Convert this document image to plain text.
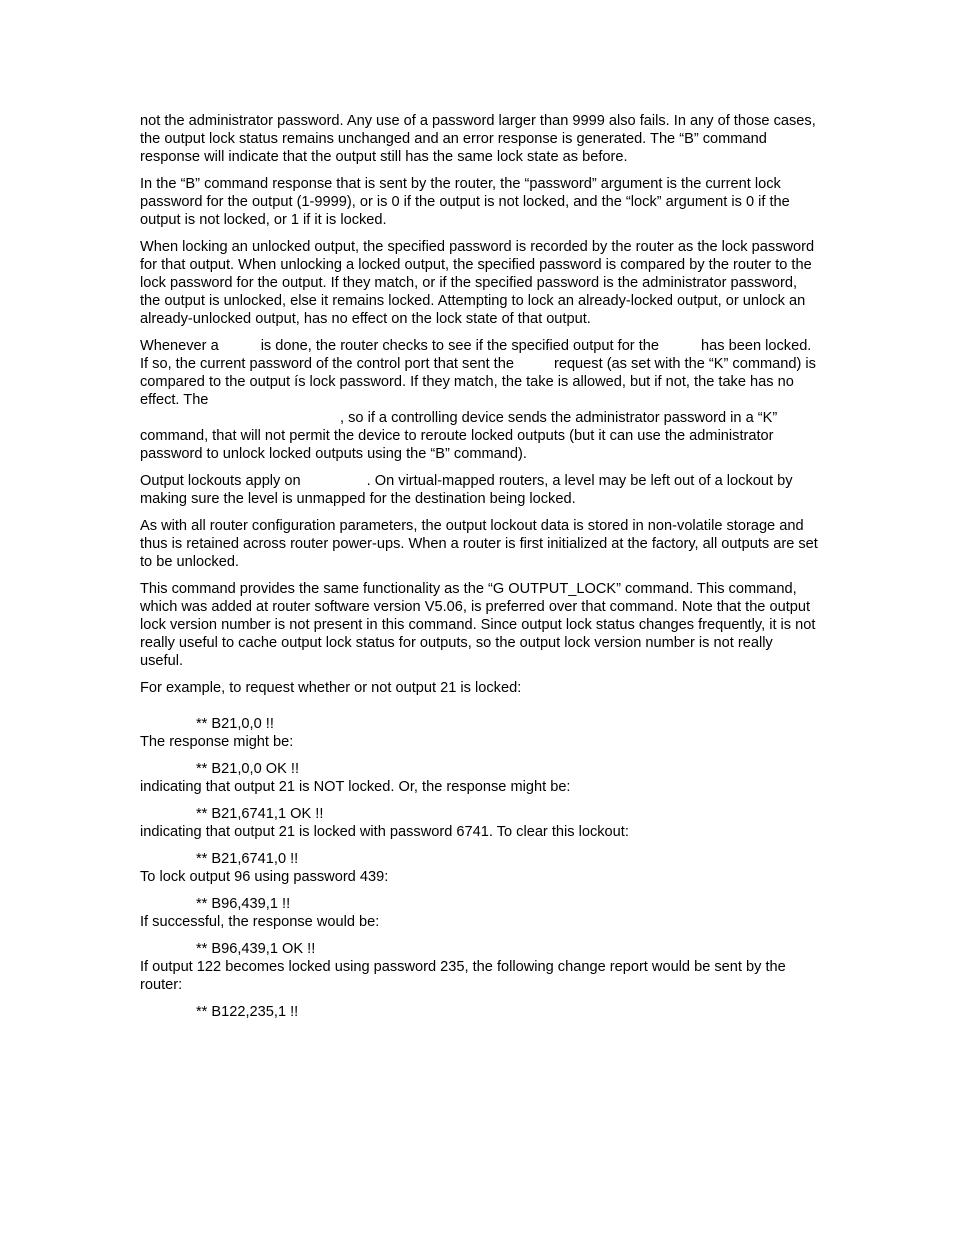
not the administrator password. Any use of a password larger than 9999 also fails. In any of those cases, the output lock status remains unchanged and an error response is generated. The “B” command response will indicate that the output still has the same lock state as before.

In the “B” command response that is sent by the router, the “password” argument is the current lock password for the output (1-9999), or is 0 if the output is not locked, and the “lock” argument is 0 if the output is not locked, or 1 if it is locked.

When locking an unlocked output, the specified password is recorded by the router as the lock password for that output. When unlocking a locked output, the specified password is compared by the router to the lock password for the output. If they match, or if the specified password is the administrator password, the output is unlocked, else it remains locked. Attempting to lock an already-locked output, or unlock an already-unlocked output, has no effect on the lock state of that output.

Whenever a	is done, the router checks to see if the specified output for the	has been locked. If so, the current password of the control port that sent the	request (as set with the “K” command) is compared to the output ís lock password. If they match, the take is allowed, but if not, the take has no effect. The
, so if a controlling device sends the administrator password in a “K” command, that will not permit the device to reroute locked outputs (but it can use the administrator password to unlock locked outputs using the “B” command).

Output lockouts apply on	. On virtual-mapped routers, a level may be left out of a lockout by making sure the level is unmapped for the destination being locked.

As with all router configuration parameters, the output lockout data is stored in non-volatile storage and thus is retained across router power-ups. When a router is first initialized at the factory, all outputs are set to be unlocked.

This command provides the same functionality as the “G OUTPUT_LOCK” command. This command, which was added at router software version V5.06, is preferred over that command. Note that the output lock version number is not present in this command. Since output lock status changes frequently, it is not really useful to cache output lock status for outputs, so the output lock version number is not really useful.

For example, to request whether or not output 21 is locked:

** B21,0,0 !!

The response might be:

** B21,0,0 OK !!

indicating that output 21 is NOT locked. Or, the response might be:

** B21,6741,1 OK !!

indicating that output 21 is locked with password 6741. To clear this lockout:

** B21,6741,0 !!

To lock output 96 using password 439:

** B96,439,1 !!

If successful, the response would be:

** B96,439,1 OK !!

If output 122 becomes locked using password 235, the following change report would be sent by the router:

** B122,235,1 !!
